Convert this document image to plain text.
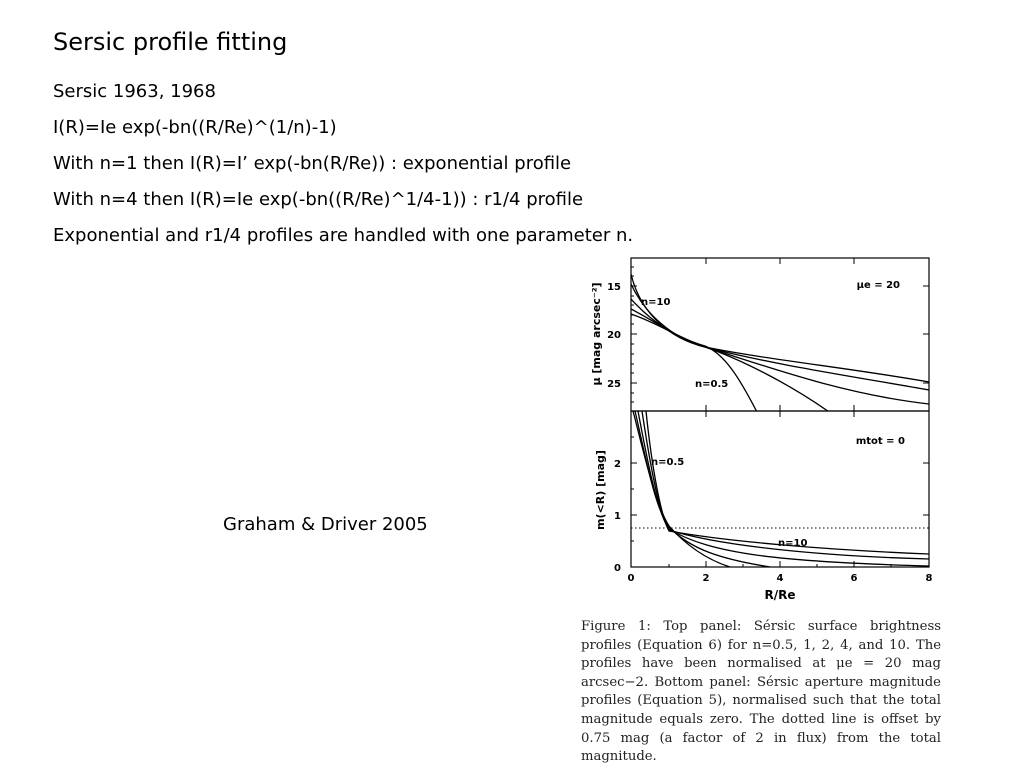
Sersic profile fitting
Sersic 1963, 1968
I(R)=Ie exp(-bn((R/Re)^(1/n)-1)
With n=1 then I(R)=I’ exp(-bn(R/Re)) : exponential profile
With n=4 then I(R)=Ie exp(-bn((R/Re)^1/4-1)) : r1/4 profile
Exponential and r1/4 profiles are handled with one parameter n.
Graham & Driver 2005
15
20
25
μ [mag arcsec⁻²]	μe = 20
n=10
n=0.5
2
1
0
m(<R) [mag]
mtot = 0
n=0.5
n=10
0	2	4	6	8
R/Re
Figure 1: Top panel: Sérsic surface brightness profiles (Equation 6) for n=0.5, 1, 2, 4, and 10. The profiles have been normalised at μe = 20 mag arcsec−2. Bottom panel: Sérsic aperture magnitude profiles (Equation 5), normalised such that the total magnitude equals zero. The dotted line is offset by 0.75 mag (a factor of 2 in flux) from the total magnitude.
